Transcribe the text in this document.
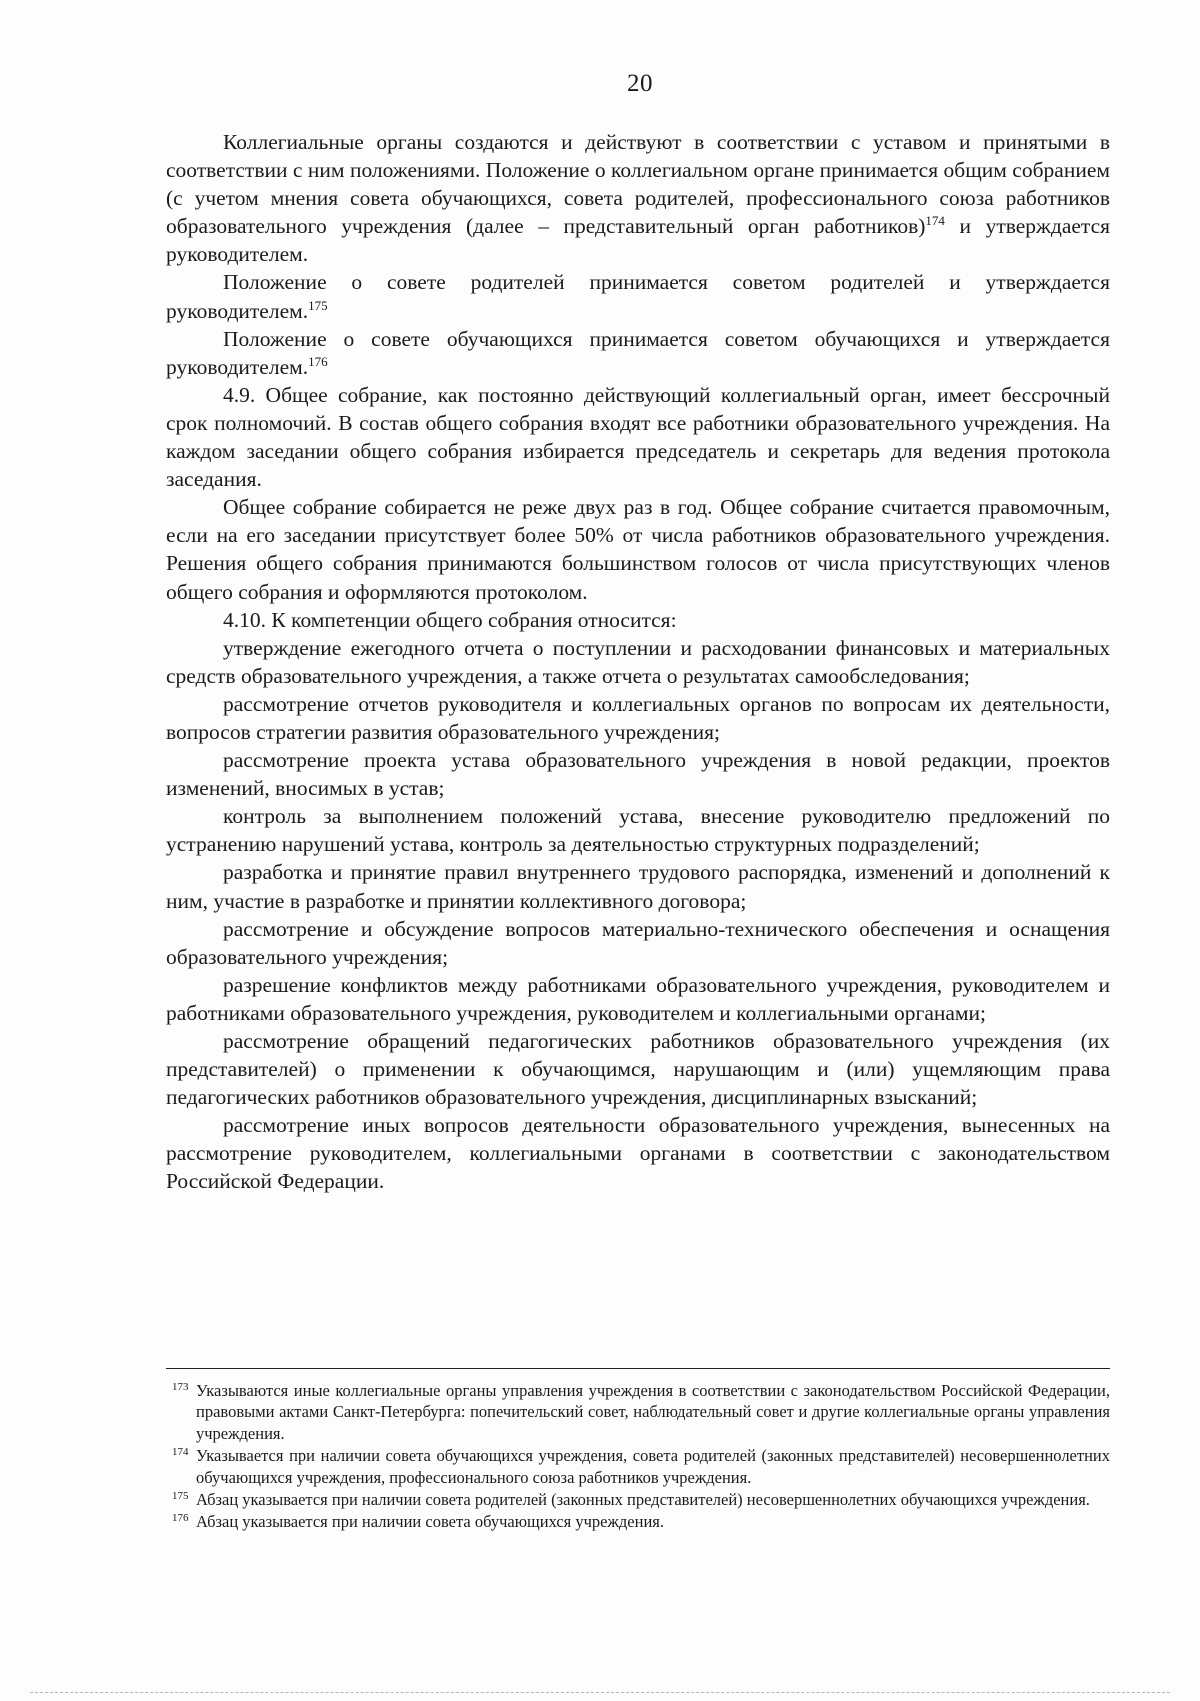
20

Коллегиальные органы создаются и действуют в соответствии с уставом и принятыми в соответствии с ним положениями. Положение о коллегиальном органе принимается общим собранием (с учетом мнения совета обучающихся, совета родителей, профессионального союза работников образовательного учреждения (далее – представительный орган работников)$^{174}$ и утверждается руководителем.

Положение о совете родителей принимается советом родителей и утверждается руководителем.$^{175}$

Положение о совете обучающихся принимается советом обучающихся и утверждается руководителем.$^{176}$

4.9. Общее собрание, как постоянно действующий коллегиальный орган, имеет бессрочный срок полномочий. В состав общего собрания входят все работники образовательного учреждения. На каждом заседании общего собрания избирается председатель и секретарь для ведения протокола заседания.

Общее собрание собирается не реже двух раз в год. Общее собрание считается правомочным, если на его заседании присутствует более 50% от числа работников образовательного учреждения. Решения общего собрания принимаются большинством голосов от числа присутствующих членов общего собрания и оформляются протоколом.

4.10. К компетенции общего собрания относится:

утверждение ежегодного отчета о поступлении и расходовании финансовых и материальных средств образовательного учреждения, а также отчета о результатах самообследования;

рассмотрение отчетов руководителя и коллегиальных органов по вопросам их деятельности, вопросов стратегии развития образовательного учреждения;

рассмотрение проекта устава образовательного учреждения в новой редакции, проектов изменений, вносимых в устав;

контроль за выполнением положений устава, внесение руководителю предложений по устранению нарушений устава, контроль за деятельностью структурных подразделений;

разработка и принятие правил внутреннего трудового распорядка, изменений и дополнений к ним, участие в разработке и принятии коллективного договора;

рассмотрение и обсуждение вопросов материально-технического обеспечения и оснащения образовательного учреждения;

разрешение конфликтов между работниками образовательного учреждения, руководителем и работниками образовательного учреждения, руководителем и коллегиальными органами;

рассмотрение обращений педагогических работников образовательного учреждения (их представителей) о применении к обучающимся, нарушающим и (или) ущемляющим права педагогических работников образовательного учреждения, дисциплинарных взысканий;

рассмотрение иных вопросов деятельности образовательного учреждения, вынесенных на рассмотрение руководителем, коллегиальными органами в соответствии с законодательством Российской Федерации.

173 Указываются иные коллегиальные органы управления учреждения в соответствии с законодательством Российской Федерации, правовыми актами Санкт-Петербурга: попечительский совет, наблюдательный совет и другие коллегиальные органы управления учреждения.
174 Указывается при наличии совета обучающихся учреждения, совета родителей (законных представителей) несовершеннолетних обучающихся учреждения, профессионального союза работников учреждения.
175 Абзац указывается при наличии совета родителей (законных представителей) несовершеннолетних обучающихся учреждения.
176 Абзац указывается при наличии совета обучающихся учреждения.
